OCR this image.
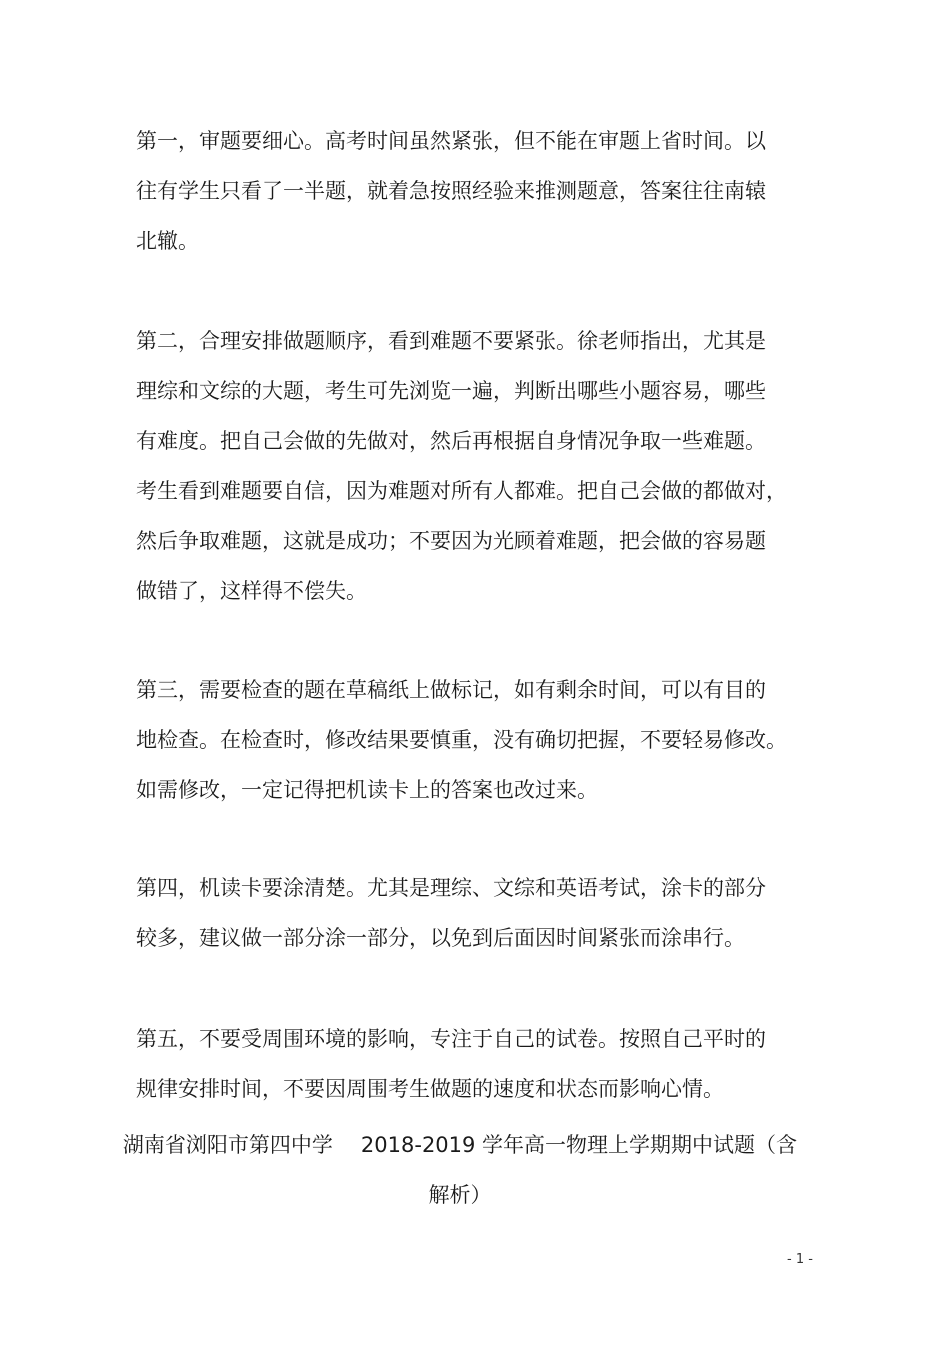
第一，审题要细心。高考时间虽然紧张，但不能在审题上省时间。以
往有学生只看了一半题，就着急按照经验来推测题意，答案往往南辕
北辙。
第二，合理安排做题顺序，看到难题不要紧张。徐老师指出，尤其是
理综和文综的大题，考生可先浏览一遍，判断出哪些小题容易，哪些
有难度。把自己会做的先做对，然后再根据自身情况争取一些难题。
考生看到难题要自信，因为难题对所有人都难。把自己会做的都做对，
然后争取难题，这就是成功；不要因为光顾着难题，把会做的容易题
做错了，这样得不偿失。
第三，需要检查的题在草稿纸上做标记，如有剩余时间，可以有目的
地检查。在检查时，修改结果要慎重，没有确切把握，不要轻易修改。
如需修改，一定记得把机读卡上的答案也改过来。
第四，机读卡要涂清楚。尤其是理综、文综和英语考试，涂卡的部分
较多，建议做一部分涂一部分，以免到后面因时间紧张而涂串行。
第五，不要受周围环境的影响，专注于自己的试卷。按照自己平时的
规律安排时间，不要因周围考生做题的速度和状态而影响心情。
湖南省浏阳市第四中学 2018-2019 学年高一物理上学期期中试题（含
解析）
- 1 -
